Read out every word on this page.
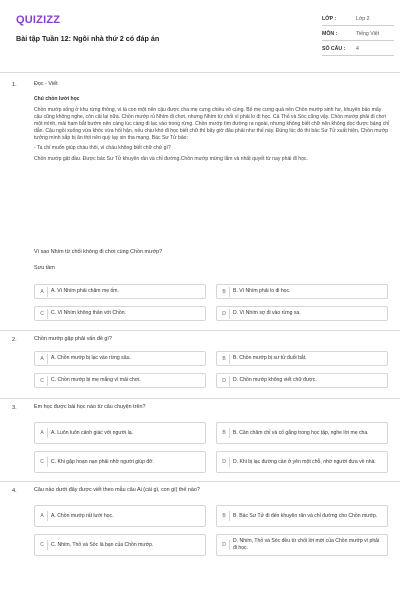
QUIZIZZ
Bài tập Tuần 12: Ngôi nhà thứ 2 có đáp án
LỚP :	Lớp 2
MÔN :	Tiếng Việt
SỐ CÂU : 4
1.	Đọc - Viết

Chú chồn lười học

Chồn mướp sống ở khu rừng thông, vì là con một nên cậu được cha mẹ cưng chiều vô cùng. Bố mẹ cưng quá nên Chồn mướp sinh hư, khuyên bảo mấy cậu cũng không nghe, còn cãi lại nữa. Chồn mướp rủ Nhím đi chơi, nhưng Nhím từ chối vì phải lo đi học. Cả Thỏ và Sóc cũng vậy. Chồn mướp phải đi chơi một mình, mải ham bắt bướm nên càng lúc càng đi lạc vào trong rừng. Chồn mướp tìm đường ra ngoài, nhưng không biết chữ nên không đọc được bảng chỉ dẫn. Cậu ngồi xuống vừa khóc vừa hối hận, nếu chịu khó đi học biết chữ thì bây giờ đâu phải như thế này. Đúng lúc đó thì bác Sư Tử xuất hiện, Chồn mướp tưởng mình sắp bị ăn thịt nên quỳ lạy xin tha mạng. Bác Sư Tử bảo:

- Ta chỉ muốn giúp cháu thôi, vì cháu không biết chữ chứ gì?

Chồn mướp gật đầu. Được bác Sư Tử khuyên răn và chỉ đường.Chồn mướp mừng lắm và nhất quyết từ nay phải đi học.

Vì sao Nhím từ chối không đi chơi cùng Chồn mướp?
Sưu tầm
A	A. Vì Nhím phải chăm mẹ ốm.	B	B. Vì Nhím phải lo đi học.
C	C. Vì Nhím không thân với Chồn.	D	D. Vì Nhím sợ đi vào rừng xa.
2.	Chồn mướp gặp phải vấn đề gì?
A	A. Chồn mướp bị lạc vào rừng sâu.	B	B. Chồn mướp bị sư tử đuổi bắt.
C	C. Chồn mướp bị mẹ mắng vì mải chơi.	D	D. Chồn mướp không viết chữ được.
3.	Em học được bài học nào từ câu chuyện trên?
A	A. Luôn luôn cảnh giác với người lạ.	B	B. Cần chăm chỉ và cố gắng trong học tập, nghe lời mẹ cha.
C	C. Khi gặp hoạn nạn phải nhờ người giúp đỡ.	D	D. Khi bị lạc đường cần ở yên một chỗ, nhờ người đưa về nhà.
4.	Câu nào dưới đây được viết theo mẫu câu Ai (cái gì, con gì) thế nào?
A	A. Chồn mướp rất lười học.	B	B. Bác Sư Tử đi đến khuyên răn và chỉ đường cho Chồn mướp.
C	C. Nhím, Thỏ và Sóc là bạn của Chồn mướp.	D
D. Nhím, Thỏ và Sóc đều từ chối lời mời của Chồn mướp vì phải đi học.
